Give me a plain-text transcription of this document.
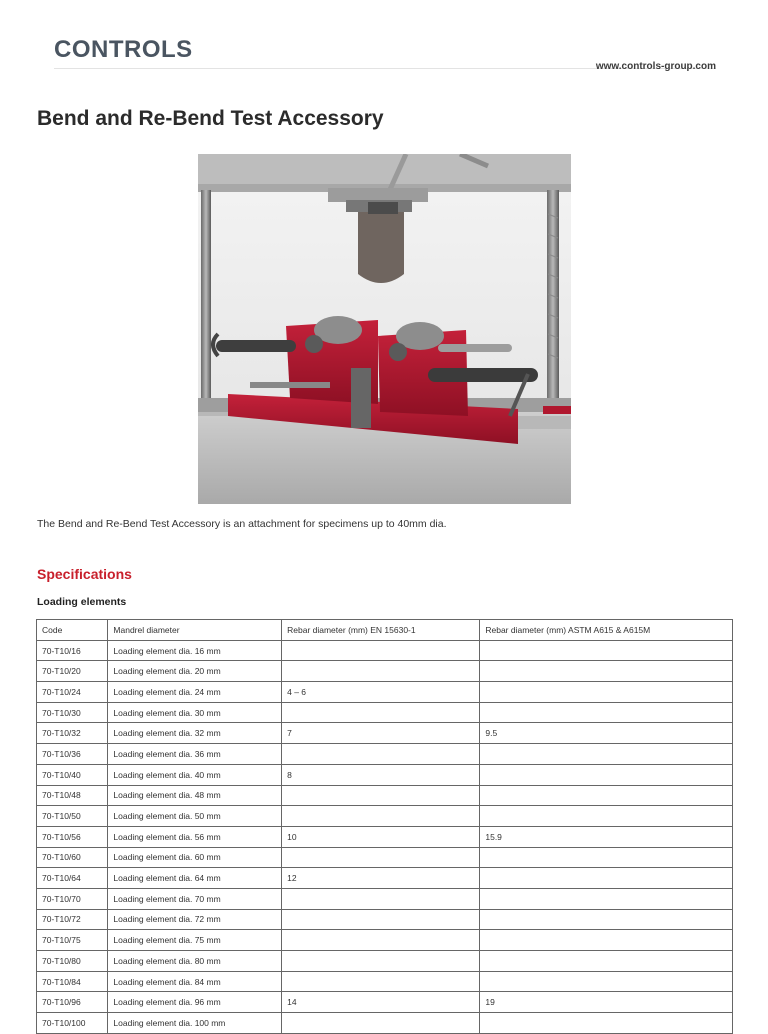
CONTROLS
www.controls-group.com
Bend and Re-Bend Test Accessory
The Bend and Re-Bend Test Accessory is an attachment for specimens up to 40mm dia.
Specifications
Loading elements
Code	Mandrel diameter	Rebar diameter (mm) EN 15630-1	Rebar diameter (mm) ASTM A615 & A615M
70-T10/16	Loading element dia. 16 mm		
70-T10/20	Loading element dia. 20 mm		
70-T10/24	Loading element dia. 24 mm	4 – 6	
70-T10/30	Loading element dia. 30 mm		
70-T10/32	Loading element dia. 32 mm	7	9.5
70-T10/36	Loading element dia. 36 mm		
70-T10/40	Loading element dia. 40 mm	8	
70-T10/48	Loading element dia. 48 mm		
70-T10/50	Loading element dia. 50 mm		
70-T10/56	Loading element dia. 56 mm	10	15.9
70-T10/60	Loading element dia. 60 mm		
70-T10/64	Loading element dia. 64 mm	12	
70-T10/70	Loading element dia. 70 mm		
70-T10/72	Loading element dia. 72 mm		
70-T10/75	Loading element dia. 75 mm		
70-T10/80	Loading element dia. 80 mm		
70-T10/84	Loading element dia. 84 mm		
70-T10/96	Loading element dia. 96 mm	14	19
70-T10/100	Loading element dia. 100 mm		
